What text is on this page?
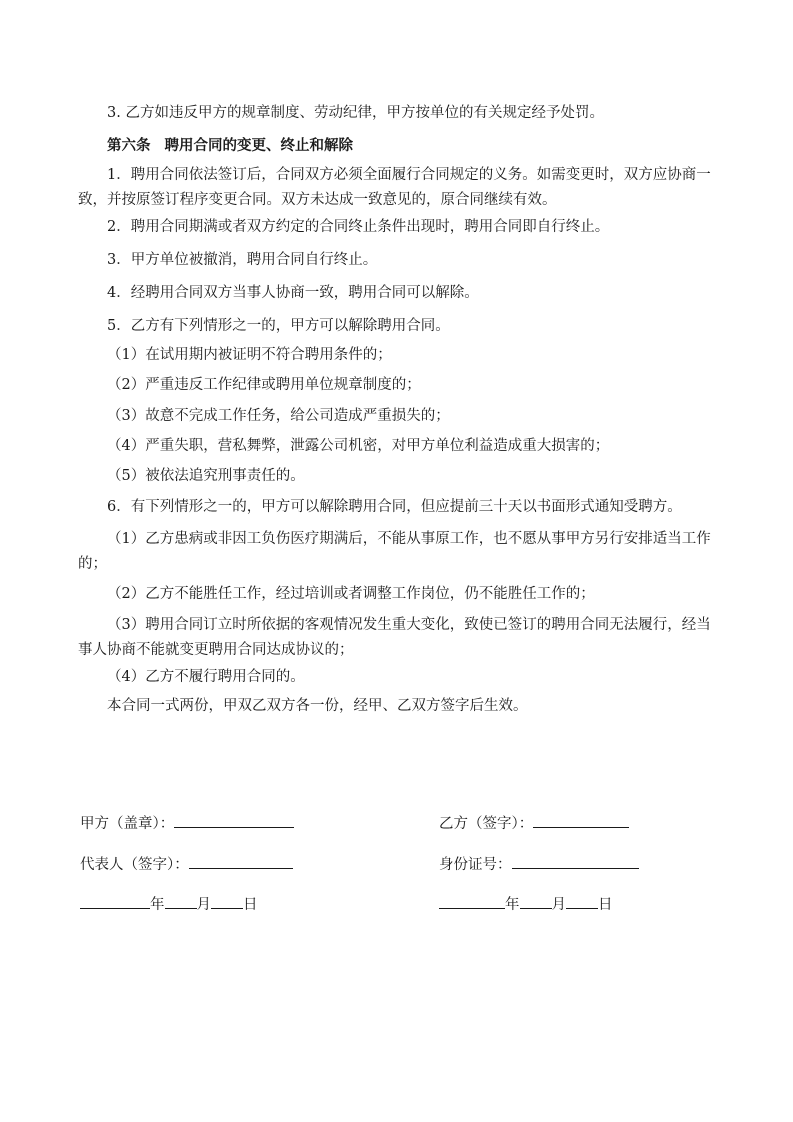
3. 乙方如违反甲方的规章制度、劳动纪律，甲方按单位的有关规定经予处罚。

第六条 聘用合同的变更、终止和解除

1．聘用合同依法签订后，合同双方必须全面履行合同规定的义务。如需变更时，双方应协商一致，并按原签订程序变更合同。双方未达成一致意见的，原合同继续有效。

2．聘用合同期满或者双方约定的合同终止条件出现时，聘用合同即自行终止。

3．甲方单位被撤消，聘用合同自行终止。

4．经聘用合同双方当事人协商一致，聘用合同可以解除。

5．乙方有下列情形之一的，甲方可以解除聘用合同。

（1）在试用期内被证明不符合聘用条件的；

（2）严重违反工作纪律或聘用单位规章制度的；

（3）故意不完成工作任务，给公司造成严重损失的；

（4）严重失职，营私舞弊，泄露公司机密，对甲方单位利益造成重大损害的；

（5）被依法追究刑事责任的。

6．有下列情形之一的，甲方可以解除聘用合同，但应提前三十天以书面形式通知受聘方。

（1）乙方患病或非因工负伤医疗期满后，不能从事原工作，也不愿从事甲方另行安排适当工作的；

（2）乙方不能胜任工作，经过培训或者调整工作岗位，仍不能胜任工作的；

（3）聘用合同订立时所依据的客观情况发生重大变化，致使已签订的聘用合同无法履行，经当事人协商不能就变更聘用合同达成协议的；

（4）乙方不履行聘用合同的。

本合同一式两份，甲双乙双方各一份，经甲、乙双方签字后生效。

甲方（盖章）：	乙方（签字）：
代表人（签字）：	身份证号：
年 月 日	年 月 日
